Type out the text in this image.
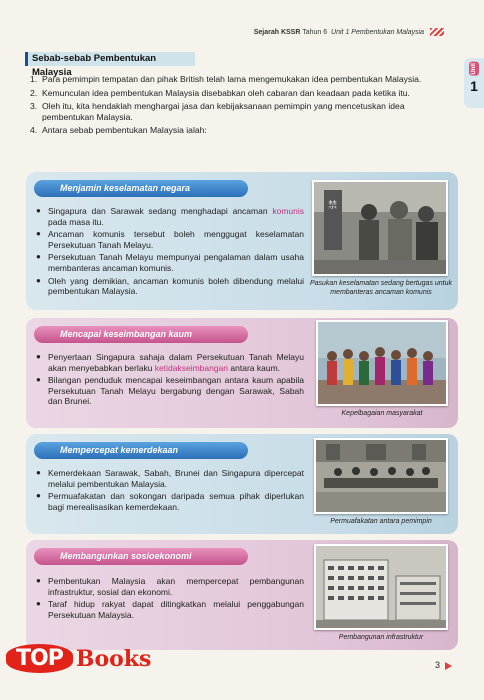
Sejarah KSSR Tahun 6 Unit 1 Pembentukan Malaysia
Unit
1
Sebab-sebab Pembentukan Malaysia
1. Para pemimpin tempatan dan pihak British telah lama mengemukakan idea pembentukan Malaysia.
2. Kemunculan idea pembentukan Malaysia disebabkan oleh cabaran dan keadaan pada ketika itu.
3. Oleh itu, kita hendaklah menghargai jasa dan kebijaksanaan pemimpin yang mencetuskan idea pembentukan Malaysia.
4. Antara sebab pembentukan Malaysia ialah:
Menjamin keselamatan negara
● Singapura dan Sarawak sedang menghadapi ancaman komunis pada masa itu.
● Ancaman komunis tersebut boleh menggugat keselamatan Persekutuan Tanah Melayu.
● Persekutuan Tanah Melayu mempunyai pengalaman dalam usaha membanteras ancaman komunis.
● Oleh yang demikian, ancaman komunis boleh dibendung melalui pembentukan Malaysia.
禁
Pasukan keselamatan sedang bertugas untuk membanteras ancaman komunis
Mencapai keseimbangan kaum
● Penyertaan Singapura sahaja dalam Persekutuan Tanah Melayu akan menyebabkan berlaku ketidakseimbangan antara kaum.
● Bilangan penduduk mencapai keseimbangan antara kaum apabila Persekutuan Tanah Melayu bergabung dengan Sarawak, Sabah dan Brunei.
Kepelbagaian masyarakat
Mempercepat kemerdekaan
● Kemerdekaan Sarawak, Sabah, Brunei dan Singapura dipercepat melalui pembentukan Malaysia.
● Permuafakatan dan sokongan daripada semua pihak diperlukan bagi merealisasikan kemerdekaan.
Permuafakatan antara pemimpin
Membangunkan sosioekonomi
● Pembentukan Malaysia akan mempercepat pembangunan infrastruktur, sosial dan ekonomi.
● Taraf hidup rakyat dapat ditingkatkan melalui penggabungan Persekutuan Malaysia.
Pembangunan infrastruktur
3
TOP Books
